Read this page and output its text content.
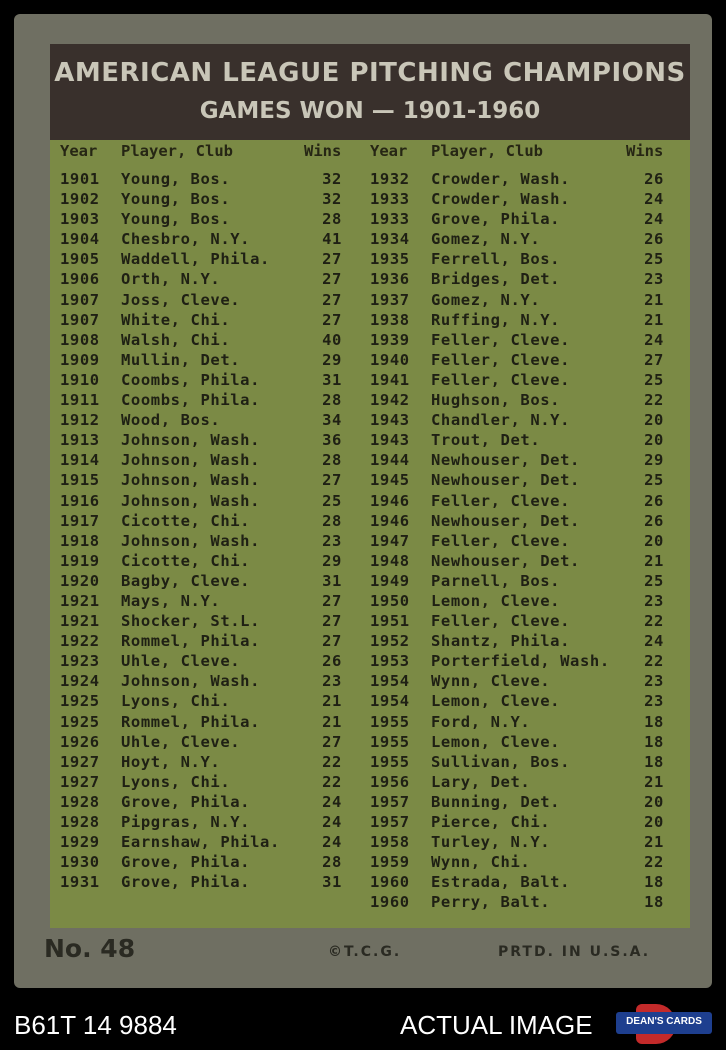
AMERICAN LEAGUE PITCHING CHAMPIONS
GAMES WON — 1901-1960
Year Player, Club	Wins Year Player, Club	Wins
1901 Young, Bos.	32
1902 Young, Bos.	32
1903 Young, Bos.	28
1904 Chesbro, N.Y.	41
1905 Waddell, Phila.	27
1906 Orth, N.Y.	27
1907 Joss, Cleve.	27
1907 White, Chi.	27
1908 Walsh, Chi.	40
1909 Mullin, Det.	29
1910 Coombs, Phila.	31
1911 Coombs, Phila.	28
1912 Wood, Bos.	34
1913 Johnson, Wash.	36
1914 Johnson, Wash.	28
1915 Johnson, Wash.	27
1916 Johnson, Wash.	25
1917 Cicotte, Chi.	28
1918 Johnson, Wash.	23
1919 Cicotte, Chi.	29
1920 Bagby, Cleve.	31
1921 Mays, N.Y.	27
1921 Shocker, St.L.	27
1922 Rommel, Phila.	27
1923 Uhle, Cleve.	26
1924 Johnson, Wash.	23
1925 Lyons, Chi.	21
1925 Rommel, Phila.	21
1926 Uhle, Cleve.	27
1927 Hoyt, N.Y.	22
1927 Lyons, Chi.	22
1928 Grove, Phila.	24
1928 Pipgras, N.Y.	24
1929 Earnshaw, Phila.	24
1930 Grove, Phila.	28
1931 Grove, Phila.	31
1932 Crowder, Wash.	26
1933 Crowder, Wash.	24
1933 Grove, Phila.	24
1934 Gomez, N.Y.	26
1935 Ferrell, Bos.	25
1936 Bridges, Det.	23
1937 Gomez, N.Y.	21
1938 Ruffing, N.Y.	21
1939 Feller, Cleve.	24
1940 Feller, Cleve.	27
1941 Feller, Cleve.	25
1942 Hughson, Bos.	22
1943 Chandler, N.Y.	20
1943 Trout, Det.	20
1944 Newhouser, Det.	29
1945 Newhouser, Det.	25
1946 Feller, Cleve.	26
1946 Newhouser, Det.	26
1947 Feller, Cleve.	20
1948 Newhouser, Det.	21
1949 Parnell, Bos.	25
1950 Lemon, Cleve.	23
1951 Feller, Cleve.	22
1952 Shantz, Phila.	24
1953 Porterfield, Wash.	22
1954 Wynn, Cleve.	23
1954 Lemon, Cleve.	23
1955 Ford, N.Y.	18
1955 Lemon, Cleve.	18
1955 Sullivan, Bos.	18
1956 Lary, Det.	21
1957 Bunning, Det.	20
1957 Pierce, Chi.	20
1958 Turley, N.Y.	21
1959 Wynn, Chi.	22
1960 Estrada, Balt.	18
1960 Perry, Balt.	18
No. 48	©T.C.G.	PRTD. IN U.S.A.
B61T 14 9884	ACTUAL IMAGE	DEAN'S CARDS
